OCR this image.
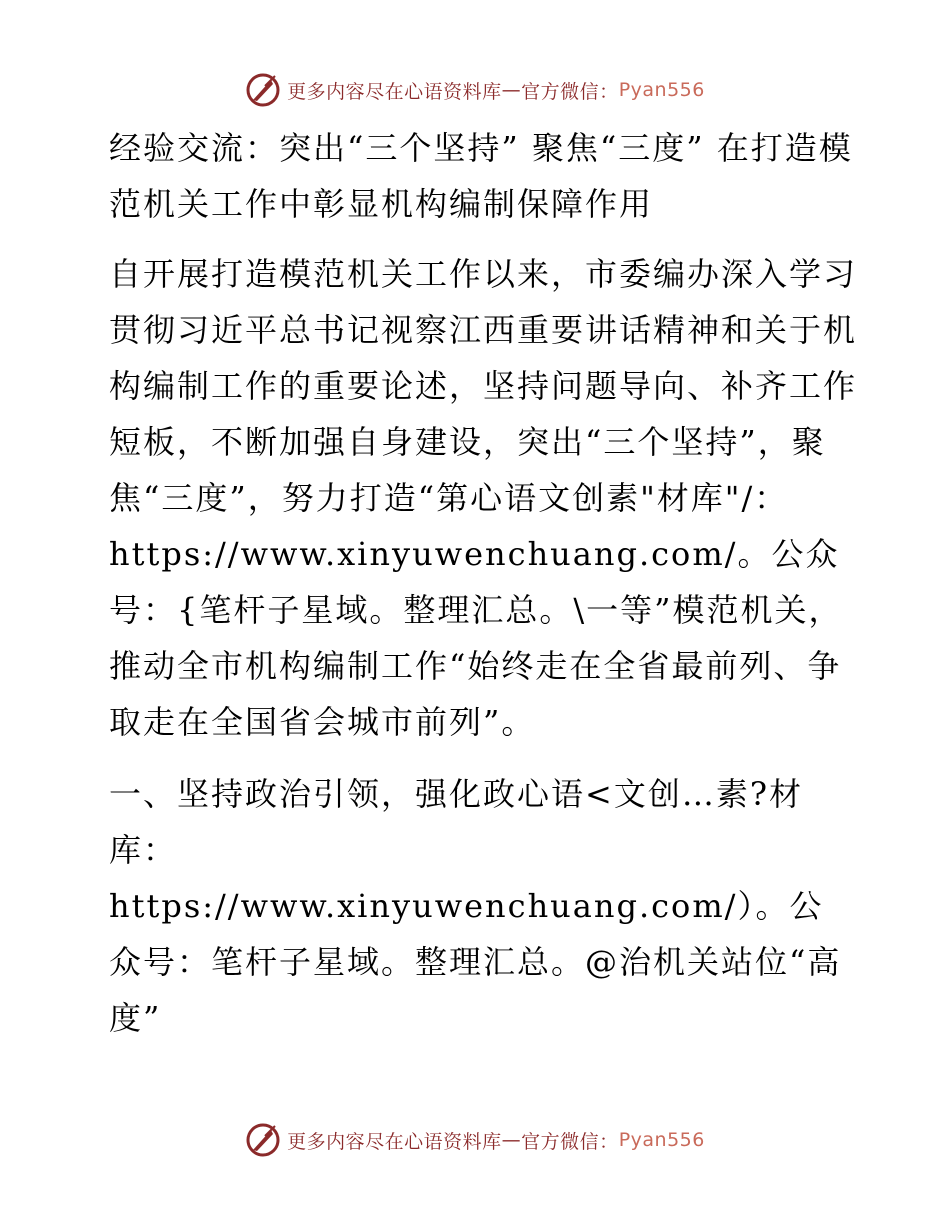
更多内容尽在心语资料库 — 官方微信： Pyan556

经验交流：突出“三个坚持” 聚焦“三度” 在打造模范机关工作中彰显机构编制保障作用

自开展打造模范机关工作以来，市委编办深入学习贯彻习近平总书记视察江西重要讲话精神和关于机构编制工作的重要论述，坚持问题导向、补齐工作短板，不断加强自身建设，突出“三个坚持”，聚焦“三度”，努力打造“第心语文创素"材库"/：https://www.xinyuwenchuang.com/。公众号：{笔杆子星域。整理汇总。\一等”模范机关，推动全市机构编制工作“始终走在全省最前列、争取走在全国省会城市前列”。

一、坚持政治引领，强化政心语<文创…素?材库：https://www.xinyuwenchuang.com/）。公众号：笔杆子星域。整理汇总。@治机关站位“高度”

更多内容尽在心语资料库 — 官方微信： Pyan556
